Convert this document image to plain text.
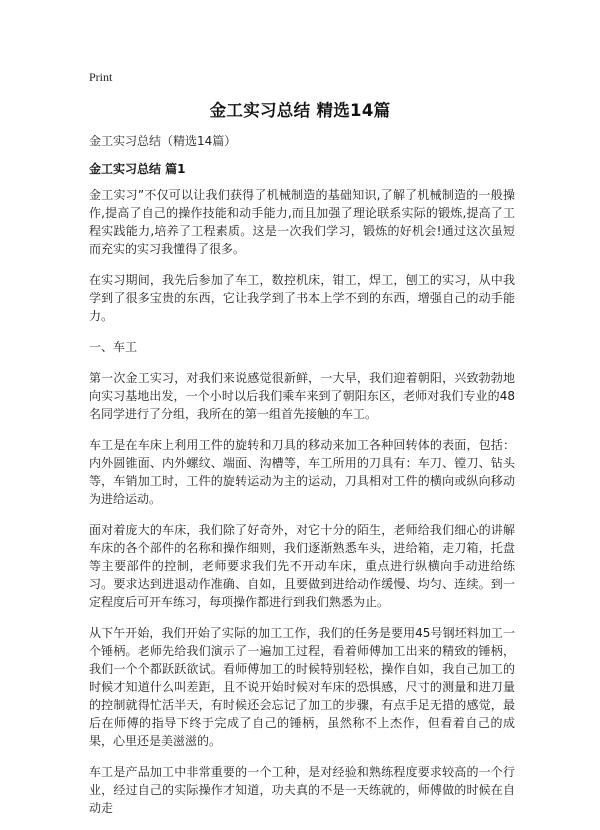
Print
金工实习总结 精选14篇
金工实习总结（精选14篇）
金工实习总结 篇1

金工实习”不仅可以让我们获得了机械制造的基础知识,了解了机械制造的一般操作,提高了自己的操作技能和动手能力,而且加强了理论联系实际的锻炼,提高了工程实践能力,培养了工程素质。这是一次我们学习，锻炼的好机会!通过这次虽短而充实的实习我懂得了很多。

在实习期间，我先后参加了车工，数控机床，钳工，焊工，刨工的实习，从中我学到了很多宝贵的东西，它让我学到了书本上学不到的东西，增强自己的动手能力。

一、车工

第一次金工实习，对我们来说感觉很新鲜，一大早，我们迎着朝阳，兴致勃勃地向实习基地出发，一个小时以后我们乘车来到了朝阳东区，老师对我们专业的48名同学进行了分组，我所在的第一组首先接触的车工。

车工是在车床上利用工件的旋转和刀具的移动来加工各种回转体的表面，包括：内外圆锥面、内外螺纹、端面、沟槽等，车工所用的刀具有：车刀、镗刀、钻头等，车销加工时，工件的旋转运动为主的运动，刀具相对工件的横向或纵向移动为进给运动。

面对着庞大的车床，我们除了好奇外，对它十分的陌生，老师给我们细心的讲解车床的各个部件的名称和操作细则，我们逐渐熟悉车头，进给箱，走刀箱，托盘等主要部件的控制，老师要求我们先不开动车床，重点进行纵横向手动进给练习。要求达到进退动作准确、自如，且要做到进给动作缓慢、均匀、连续。到一定程度后可开车练习，每项操作都进行到我们熟悉为止。

从下午开始，我们开始了实际的加工工作，我们的任务是要用45号钢坯料加工一个锤柄。老师先给我们演示了一遍加工过程，看着师傅加工出来的精致的锤柄，我们一个个都跃跃欲试。看师傅加工的时候特别轻松，操作自如，我自己加工的时候才知道什么叫差距，且不说开始时候对车床的恐惧感，尺寸的测量和进刀量的控制就得忙活半天，有时候还会忘记了加工的步骤，有点手足无措的感觉，最后在师傅的指导下终于完成了自己的锤柄，虽然称不上杰作，但看着自己的成果，心里还是美滋滋的。

车工是产品加工中非常重要的一个工种，是对经验和熟练程度要求较高的一个行业，经过自己的实际操作才知道，功夫真的不是一天练就的，师傅做的时候在自动走
